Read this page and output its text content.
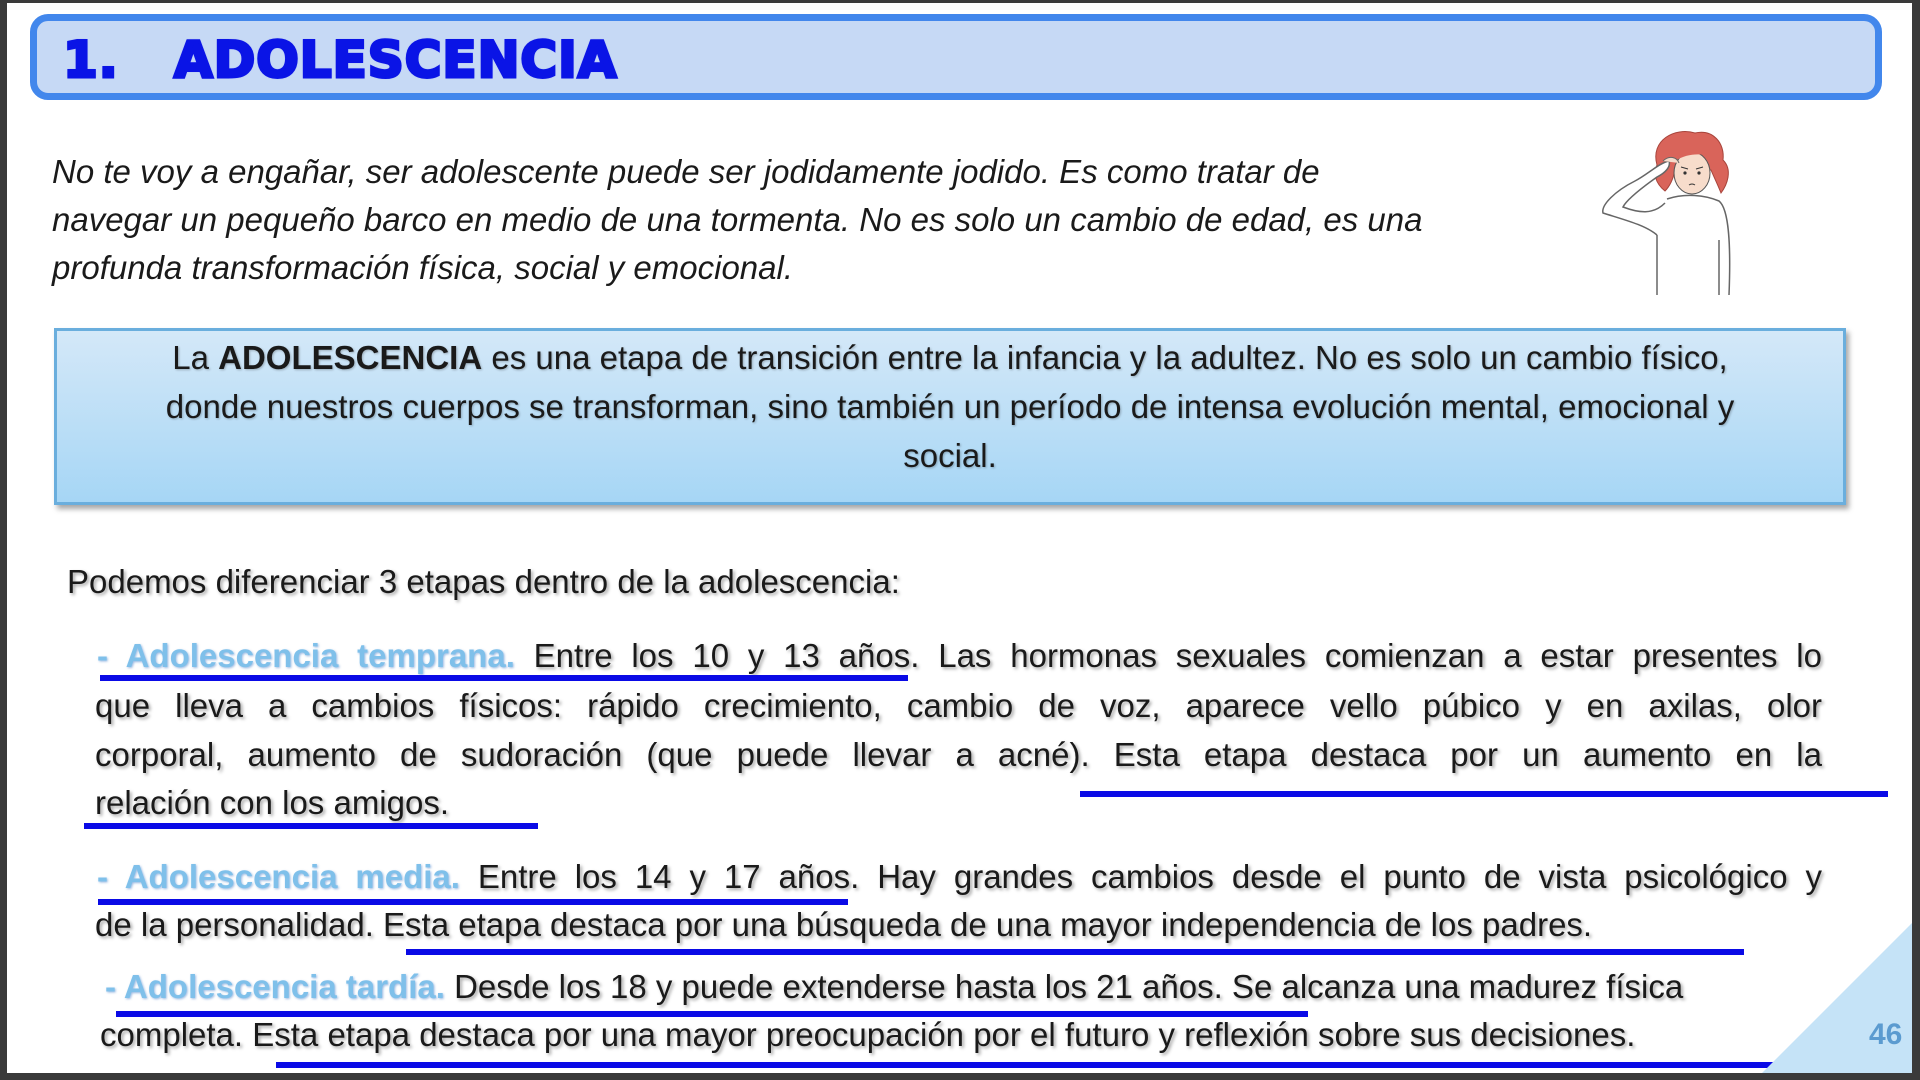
1.   ADOLESCENCIA
No te voy a engañar, ser adolescente puede ser jodidamente jodido. Es como tratar de
navegar un pequeño barco en medio de una tormenta. No es solo un cambio de edad, es una
profunda transformación física, social y emocional.
La ADOLESCENCIA es una etapa de transición entre la infancia y la adultez. No es solo un cambio físico,
donde nuestros cuerpos se transforman, sino también un período de intensa evolución mental, emocional y
social.
Podemos diferenciar 3 etapas dentro de la adolescencia:
- Adolescencia temprana. Entre los 10 y 13 años. Las hormonas sexuales comienzan a estar presentes lo
que lleva a cambios físicos: rápido crecimiento, cambio de voz, aparece vello púbico y en axilas, olor
corporal, aumento de sudoración (que puede llevar a acné). Esta etapa destaca por un aumento en la
relación con los amigos.
- Adolescencia media. Entre los 14 y 17 años. Hay grandes cambios desde el punto de vista psicológico y
de la personalidad. Esta etapa destaca por una búsqueda de una mayor independencia de los padres.
- Adolescencia tardía. Desde los 18 y puede extenderse hasta los 21 años. Se alcanza una madurez física
completa. Esta etapa destaca por una mayor preocupación por el futuro y reflexión sobre sus decisiones.	46
